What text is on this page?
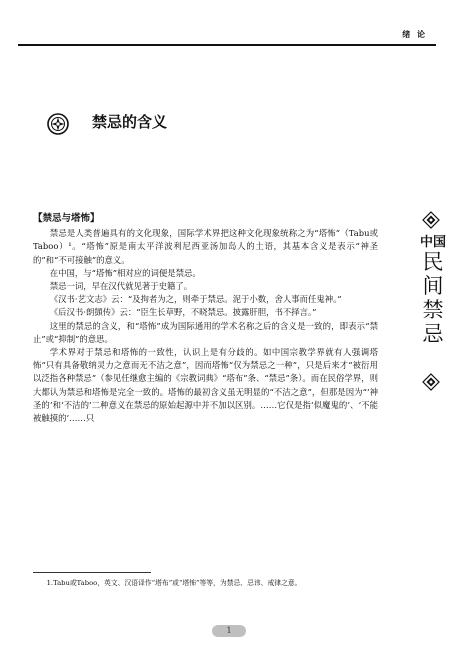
绪 论
禁忌的含义
【禁忌与塔怖】

禁忌是人类普遍具有的文化现象，国际学术界把这种文化现象统称之为“塔怖”（Tabu或Taboo）¹。“塔怖”原是南太平洋波利尼西亚汤加岛人的土语，其基本含义是表示“神圣的”和“不可接触”的意义。

在中国，与“塔怖”相对应的词便是禁忌。

禁忌一词，早在汉代就见著于史籍了。

《汉书·艺文志》云：“及拘者为之，则牵于禁忌。泥于小数，舍人事而任鬼神。”

《后汉书·朗顗传》云：“臣生长草野，不晓禁忌。披露肝胆，书不择言。”

这里的禁忌的含义，和“塔怖”成为国际通用的学术名称之后的含义是一致的，即表示“禁止”或“抑制”的意思。

学术界对于禁忌和塔怖的一致性，认识上是有分歧的。如中国宗教学界就有人强调塔怖“只有具备敬纳灵力之意而无不洁之意”，因而塔怖“仅为禁忌之一种”，只是后来才“被衍用以泛指各种禁忌”（参见任继愈主编的《宗教词典》“塔布”条、“禁忌”条）。而在民俗学界，则大都认为禁忌和塔怖是完全一致的。塔怖的最初含义虽无明显的“不洁之意”，但那是因为“‘神圣的’和‘不洁的’二种意义在禁忌的原始起源中并不加以区别。……它仅是指‘似魔鬼的’、‘不能被触摸的’……只

中国
民间禁忌
1.Tabu或Taboo，英文、汉语译作“塔布”或“塔怖”等等，为禁忌、忌讳、戒律之意。
1
